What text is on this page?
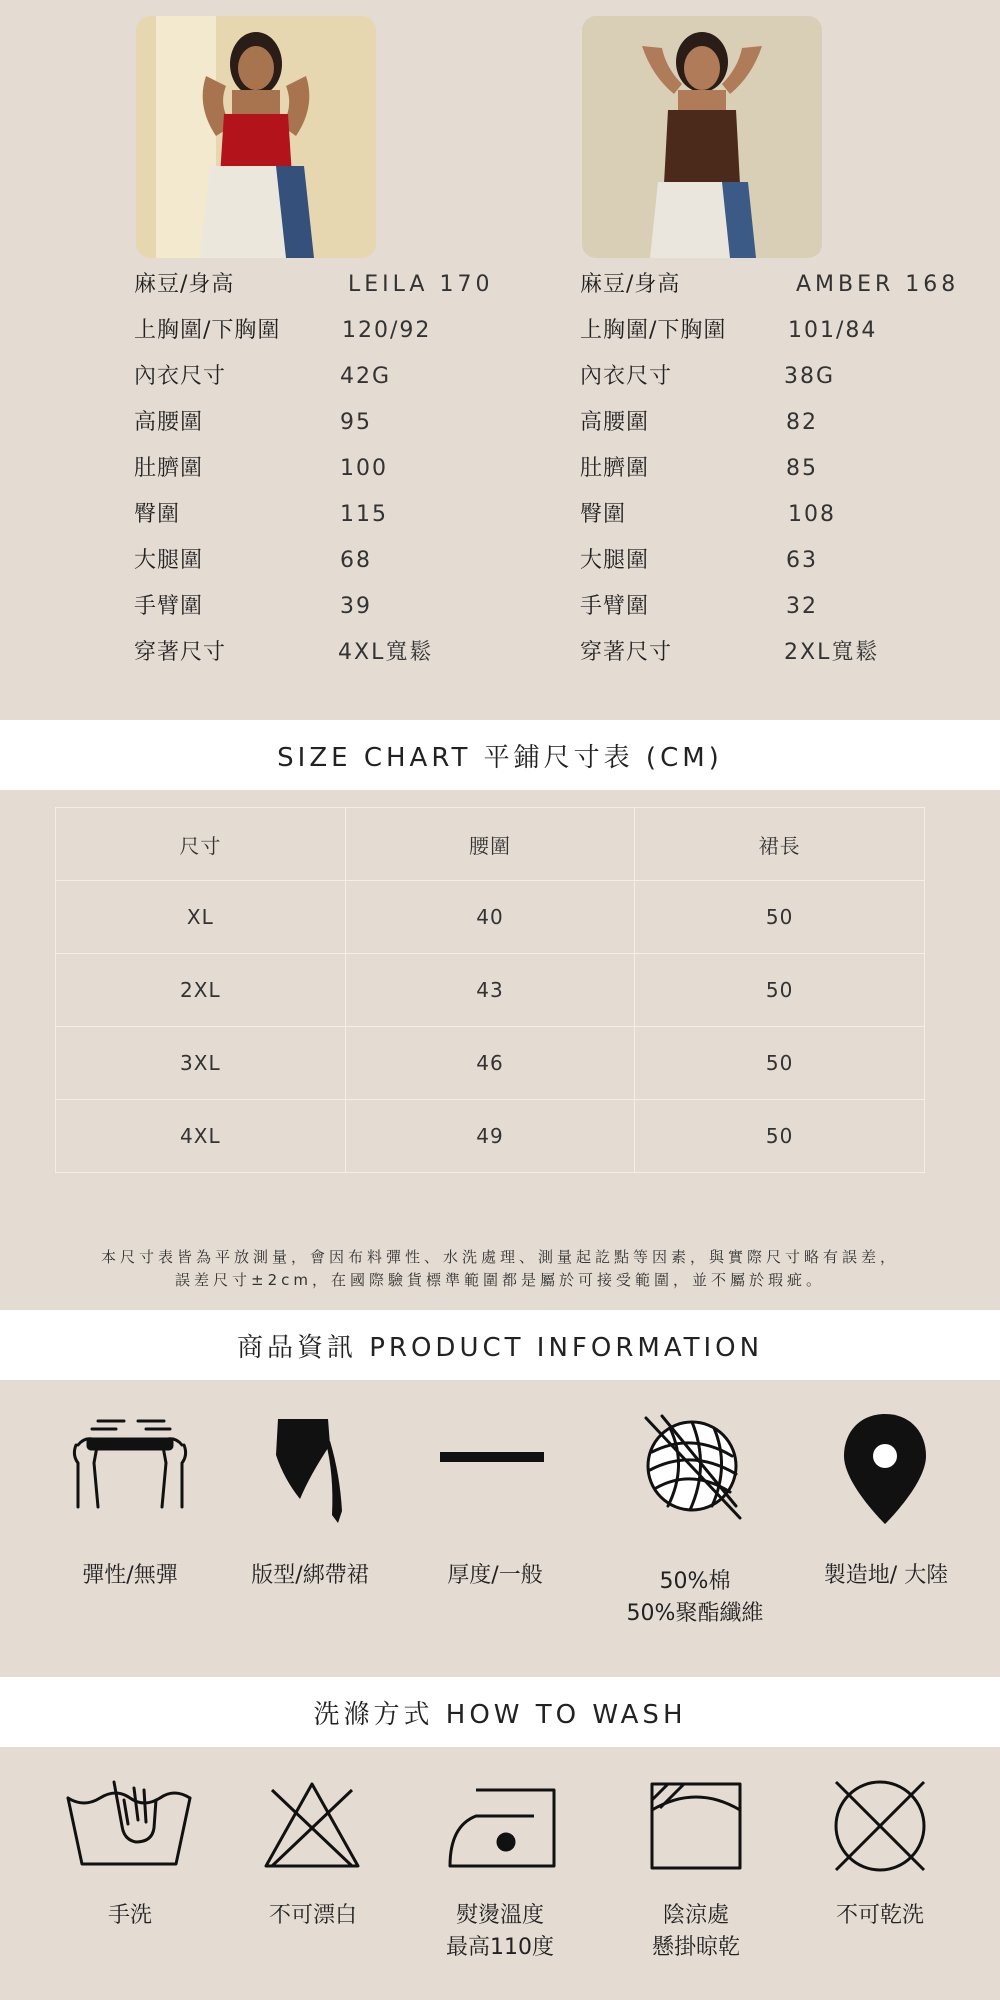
麻豆/身高	LEILA 170
上胸圍/下胸圍	120/92
內衣尺寸	42G
高腰圍	95
肚臍圍	100
臀圍	115
大腿圍	68
手臂圍	39
穿著尺寸	4XL寬鬆
麻豆/身高	AMBER 168
上胸圍/下胸圍	101/84
內衣尺寸	38G
高腰圍	82
肚臍圍	85
臀圍	108
大腿圍	63
手臂圍	32
穿著尺寸	2XL寬鬆
SIZE CHART 平鋪尺寸表 (CM)
尺寸	腰圍	裙長
XL	40	50
2XL	43	50
3XL	46	50
4XL	49	50
本尺寸表皆為平放測量，會因布料彈性、水洗處理、測量起訖點等因素，與實際尺寸略有誤差，
誤差尺寸±2cm，在國際驗貨標準範圍都是屬於可接受範圍，並不屬於瑕疵。
商品資訊 PRODUCT INFORMATION
彈性/無彈	版型/綁帶裙	厚度/一般	50%棉
50%聚酯纖維
製造地/ 大陸
洗滌方式 HOW TO WASH
手洗	不可漂白	熨燙溫度
最高110度
陰涼處
懸掛晾乾
不可乾洗
